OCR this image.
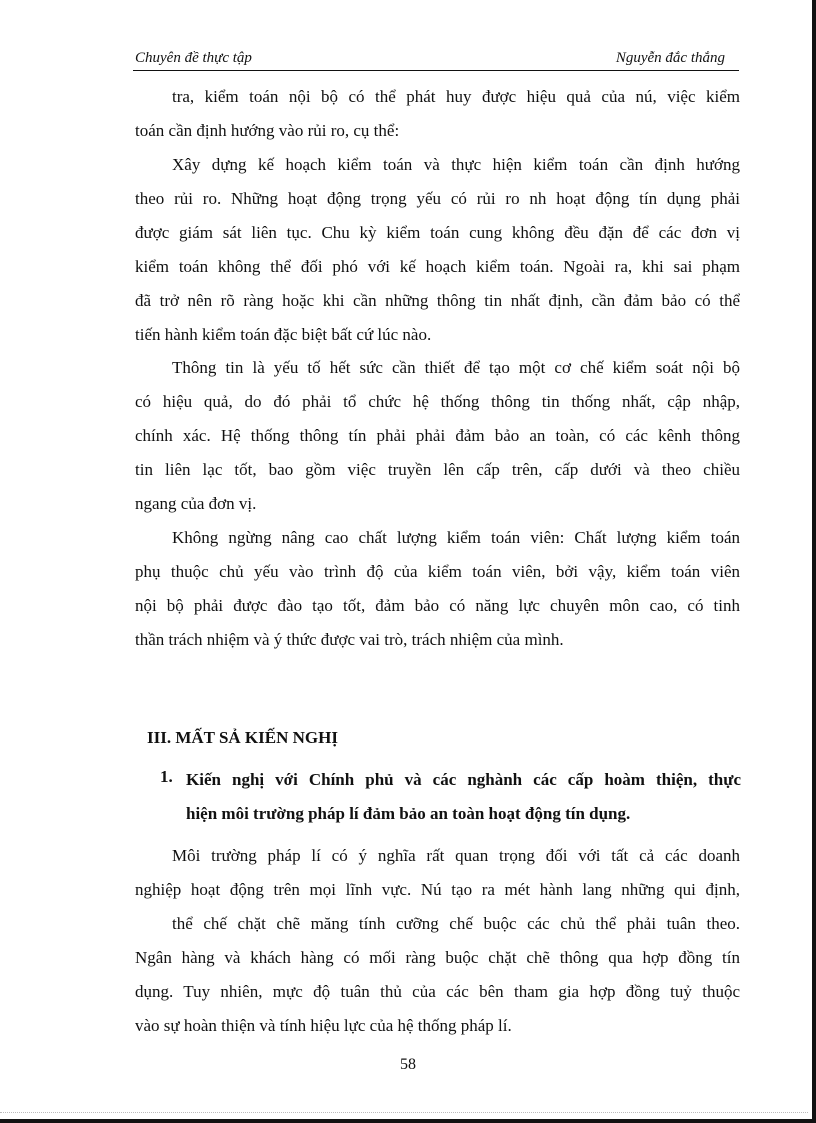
Chuyên đề thực tập	Nguyễn đắc thắng
tra, kiểm toán nội bộ có thể phát huy được hiệu quả của nú, việc kiểm
toán cần định hướng vào rủi ro, cụ thể:
Xây dựng kế hoạch kiểm toán và thực hiện kiểm toán cần định hướng
theo rủi ro. Những hoạt động trọng yếu có rủi ro nh hoạt động tín dụng phải
được giám sát liên tục. Chu kỳ kiểm toán cung không đều đặn để các đơn vị
kiểm toán không thể đối phó với kế hoạch kiểm toán. Ngoài ra, khi sai phạm
đã trở nên rõ ràng hoặc khi cần những thông tin nhất định, cần đảm bảo có thể
tiến hành kiểm toán đặc biệt bất cứ lúc nào.
Thông tin là yếu tố hết sức cần thiết để tạo một cơ chế kiểm soát nội bộ
có hiệu quả, do đó phải tổ chức hệ thống thông tin thống nhất, cập nhập,
chính xác. Hệ thống thông tín phải phải đảm bảo an toàn, có các kênh thông
tin liên lạc tốt, bao gồm việc truyền lên cấp trên, cấp dưới và theo chiều
ngang của đơn vị.
Không ngừng nâng cao chất lượng kiểm toán viên: Chất lượng kiểm toán
phụ thuộc chủ yếu vào trình độ của kiểm toán viên, bởi vậy, kiểm toán viên
nội bộ phải được đào tạo tốt, đảm bảo có năng lực chuyên môn cao, có tinh
thần trách nhiệm và ý thức được vai trò, trách nhiệm của mình.
III. MẤT SẢ KIẾN NGHỊ
1. Kiến nghị với Chính phủ và các nghành các cấp hoàm thiện, thực
hiện môi trường pháp lí đảm bảo an toàn hoạt động tín dụng.
Môi trường pháp lí có ý nghĩa rất quan trọng đối với tất cả các doanh
nghiệp hoạt động trên mọi lĩnh vực. Nú tạo ra mét hành lang những qui định,
thể chế chặt chẽ măng tính cưỡng chế buộc các chủ thể phải tuân theo.
Ngân hàng và khách hàng có mối ràng buộc chặt chẽ thông qua hợp đồng tín
dụng. Tuy nhiên, mực độ tuân thủ của các bên tham gia hợp đồng tuỷ thuộc
vào sự hoàn thiện và tính hiệu lực của hệ thống pháp lí.
58
